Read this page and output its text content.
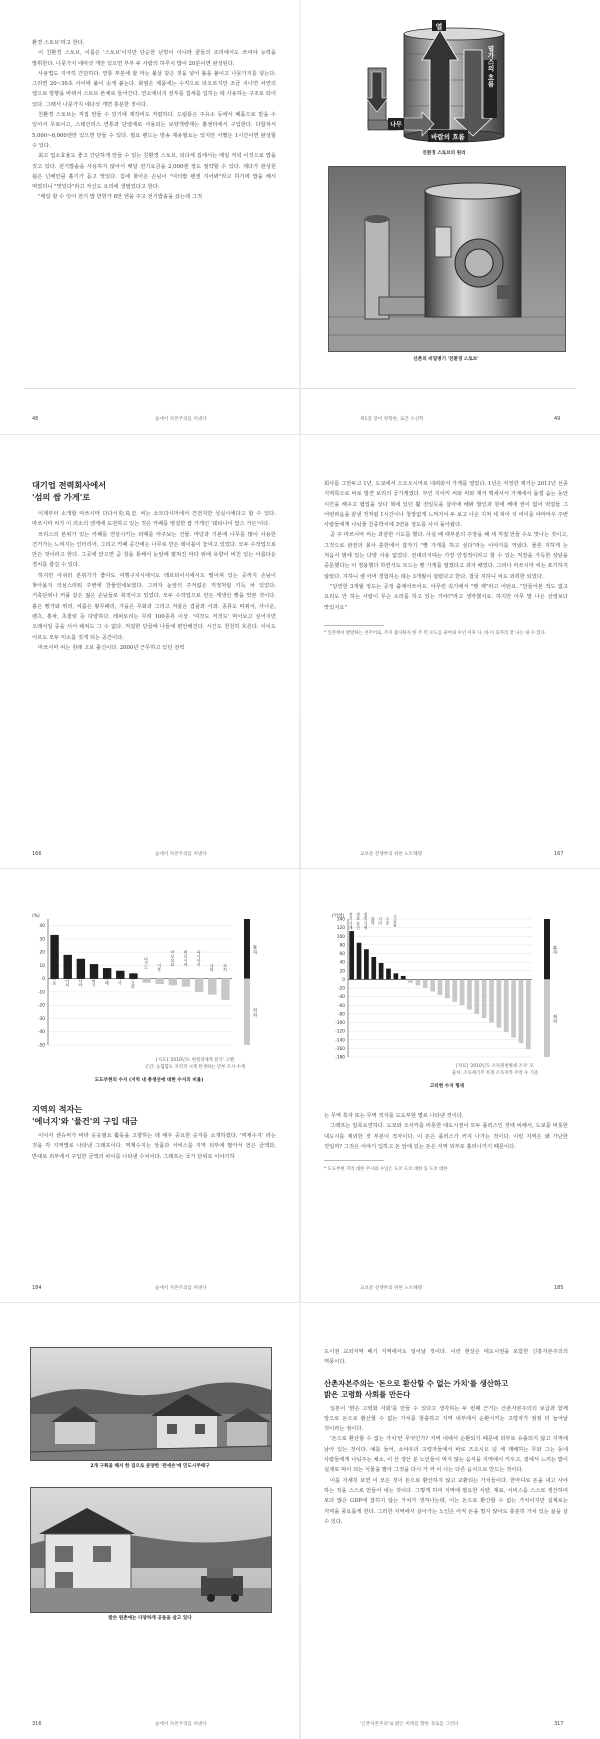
환경 스토브'라고 한다.

이 친환경 스토브, 이름은 '스토브'이지만 단순한 난방이 아니라 꿈들의 조리에서도 쓰여야 능력을 발휘한다. 나뭇가지 네마삿 개만 있으면 부부 두 사람의 하루치 밥이 20분이면 완성된다.

사용법도 지극히 간단하다. 연통 부분에 잘 마는 불살 같은 것을 넣어 불을 붙이고 나뭇가지를 넣는다. 그러면 20~30초 사이에 불이 솟게 붙는다. 화염은 제품에는 수직으로 타오르지만 조금 지나면 차연의 열으로 방향을 바꿔서 스토브 본체로 들어간다. 연소에너지 전부를 집세를 입히는 데 사용하는 구조로 되어 있다. 그래서 나뭇가지 네다섯 개면 충분한 것이다.

친환경 스토브는 직접 만들 수 있기에 제작비도 저렴하다. 드럼통은 주유소 등에서 폐품으로 받을 수 있어서 무료이고, 스테인리스 연통과 단열재로 사용되는 보양개량재는 홈센터에서 구입한다. 다합쳐서 5,000~6,000엔만 있으면 만들 수 있다. 필요 펜드는 방송 재용필요는 있지만 어쨌든 1시간이면 완성할 수 있다.

최고 업소효율도 좋고 간단하게 만들 수 있는 친환경 스토브, 외다세 집에서는 매일 저녁 이것으로 밥을 짓고 있다. 전기밥솥을 사용하지 않아서 매달 전기요금을 2,000엔 정도 절약할 수 있다. 재다가 관성원 됩은 넌배만큼 흘기가 돋고 맛있다. 집에 찾아온 손님이 "여의밥 왠센 지어봐"라고 하기에 밥을 해서 먹였더니 "맛있다"라고 자신도 요리에 생필었다고 한다.

"매달 할 수 잇어 전기 밥 만한가 8만 엔을 주고 전기밥솥을 샀는데 그것

48	숲에서 자본주의를 꺼낸다
열
열가스의 흐름
나무
바람의 흐름
친환경 스토브의 원리
산촌의 비밀병기 '친환경 스토브'
제1장 장어 정형한, 로간 소선학	49
대기업 전력회사에서
'섬의 쌈 가게'로

이제부터 소개할 마쓰시마 다다시松島忠 씨는 소모다시마에서 건전지만 성실시에다고 할 수 있다. 마쓰시마 씨가 이 괴소의 엔게에 도전하고 있는 것은 카페를 병설한 쌈 가게인 '웨티나이 쌈스 가든'이다.

쓰리스의 본위가 있는 카페를 연상시키는 외매를 마주보는 건물. 마당과 기본에 나무를 많이 사용한 건거가는 느껴지는 인터리어, 그리고 카페 공간에는 나무로 만든 테이블이 놓여고 있었다. 모두 수작업으로 만든 것이라고 한다. 그곳에 앉으면 곧 창을 통해서 눈앞에 펼쳐진 마다 위에 유향이 비친 있는 아름다운 경치를 즐길 수 있다.

하지만 아쉬러 분위기가 좋아도 여행구지시에서도 레르티어시에서도 떨어져 있는 곳까지 손님이 찾아올지 의심스러워 주변에 찬물런네보였다. 그러자 눈앞의 주저없은 걱정처럼 기득 차 있었다. 거축단위나 커플 같은 젊은 손님들로 북적이고 있었다. 모두 수작업으로 만든 게생인 빵을 맛본 것이다. 흙은 빵가와 뛰리, 여름은 황무패리, 가을은 무화과 그리고 겨울은 겹귤과 사과. 종류도 바뀌어, 사나운, 렌츠, 홍차, 초콜릿 등 다양하다. 레퍼토리는 무려 100종류 이상. '여것도 저것도' 먹어보고 싶어지면 오래서일 중을 서서 해져도 그 수 없다. 저걸한 단골에 나들에 편안해진다. 시간도 천천히 흐른다. 이이도 어르도 모두 미소를 짓게 되는 공간이다.

마쓰시마 씨는 원래 고보 출신이다. 2000년 근무하고 있던 전력

166	숲에서 자본주의를 꺼낸다

회사를 그만두고 1년, 도쿄에서 스오오시마로 내려와서 가게를 열었다. 1년은 걱정한 재거는 2011년 선종 지역특으로 바로 발견 보리의 궁가게였다. 부인 지아키 씨와 씨와 재거 맥세서서 가계에서 둡결 숨는 동안 시간을 해주고 협업을 상다 혁에 있던 활 전일듯을 살아에 해봐 발인과 원에 해에 권이 없어 떡얼들 그 어떤라음을 끝낸 것처럼 1시간이나 청장없게 느껴지어 두 보고 나온 지쳐 세 피아 지 여이를 야마마우 주변 사람들에게 나눠줄 친종박서에 3연용 정도를 사서 돌아왔다.

곧 주 마쓰시마 씨는 과감한 시도를 했다. 사실 배 대부분의 주장을 해 세 직접 만들 수도 맛나는 것이고, 그것으로 완전의 봉사 훈한에서 잡자기 "빵 가게를 하고 싶다"라는 이야기를 꺼냈다. 물론 지하게 는 처음서 범에 있는 다양 사용 없었다. 전대의지대는 가장 안정적이라고 할 수 있는 직장을 가득한 상담을 중문했다는 이 정용했다 하면서도 모드는 빵 가게를 열겠다고 과자 배었다. 그리나 마쓰시마 씨는 포기하지 않았다. 지하니 셈 어머 경험하는 데는 3개월이 걸렸다고 한다. 결국 지하니 씨도 외려한 되었다.

"당연한 3개월 정도는 공정 출제어쓰어요. 아무런 꼭가에서 "빵 재"라고 어떤요. "만들어본 적도 없고 요리도 안 하는 사람이 무슨 소리를 하고 있는 거야?"라고 생각했지요. 하지만 아무 말 나온 상영보다 맛있지요"

* 일본에서 발달하는 선주어로, 주지 좋다하지 한 주 민 포도를 줄어내 수년 이후 다, 바 이 되자리 꿀 나는 내 수 있다.

교보문 전쟁부의 위한 노트해명	167
(%)
40
30
20
10
0
-10
-20
-30
-40
-50
도쿄 아이치 오사카 도치기 미에 시가 시즈오카
나가노 기후
아오모리 히로시마 나가사키
나라 고치
흑자
적자
[지도] '2010년도 현정경제적 분석' 고벤
근간: 농협합도 지역적 시계 탄생하는 민부 조사 수계
도도부현의 수지 (지역 내 총생산에 대한 수지의 비율)
(억엔)
140
120
100
80
60
40
20
0
-20
-40
-60
-80
-100
-120
-140
-160
-180
전기 기계 정보 통신 정밀 기계 화학 기타 수송 식료품
흑자
적자
[자료] '2010년도 소득원천별세 조사' 모
출처: 소득세기주 특정 소득지역 주역 수 기준
고리현 수지 형세
지역의 적자는
'에너지'와 '물건'의 구입 대금

이어서 센슈씨가 바라 웃웃필요 활동을 고향하는 데 매우 중요한 숫자를 소개하겠다. '역제수지' 라는 것을 각 지역별로 나타낸 그래프이다. 역제수지는 상품과 서비스를 지역 외부에 팔아서 얻은 금액과, 반대로 외부에서 구입한 금액의 차이를 나타낸 수치이다. 그래프는 국가 단위로 이야기하

184	숲에서 자본주의를 꺼낸다

는 무역 흑자 또는 무역 적자를 도도부현 별로 나타낸 것이다.

그래프는 일목요연하다. 도쿄와 오사카를 비롯한 대도시권이 모두 플러스인 것에 비해서, 도쿄를 비롯한 대도시를 제외한 것 부분이 적자이다. 이 돈은 플러스가 커지 나가는 것이다. 이런 지역은 왜 가난한 것일까? 그것은 이야기 입하고 돈 앞에 있는 돈은 지역 외부로 흘러나가기 때문이다.

* 도도부현 지역 대한 주시와 수입은 도쿄 도쿄 대한 동 도쿄 대한

교보문 전쟁부의 위한 노트해명	185
2개 구획을 해서 한 집으로 분양한 '관세손'에 민도시주택구
발손 원촌에는 다양하게 공들을 살고 있다
316	숲에서 자본주의를 꺼낸다

도시권 교외지역 베기 지역에서도 일어날 것이다. 이런 현상은 대도시권을 포함한 신흥자본주의의 역풍이다.

산촌자본주의는 '돈으로 환산할 수 없는 가치'를 생산하고
밝은 고령화 사회를 만든다

일본이 '밝은 고령화 사회'를 만들 수 있다고 생각하는 두 번째 근거는 산촌자본주의의 보급과 함께 앞으로 돈으로 환산할 수 없는 가치를 창출하고 지역 내부에서 순환시키는 고령자가 점점 더 늘어날 것이라는 점이다.

'돈으로 환산할 수 없는 가치'란 무엇인가? 지역 내에서 순환되기 때문에 외부로 유출되지 않고 지역에 남아 있는 것이다. 예를 들어, 소야우의 고령자들에서 바로 즈오시오 넘 세 재배하는 무와 그는 동네 사람들에게 나눠주는 채소, 이 산 생산 분 노인들이 먹지 않는 음식을 지역에서 키우고, 겉에서 느끼는 밥이 실제로 먹이 되는 식물을 팔아 그것을 다시 가 까 이 나는 다른 음식으로 만드는 것이다.

이를 자세히 보면 이 모든 것이 돈으로 환산하지 않고 교환되는 가치들이다. 한마디로 돈을 내고 사야 하는 것을 스스로 만들어 내는 것이다. 그렇게 하여 지역에 필요한 식량, 재료, 서비스를 스스로 생산하여 보다 많은 GDP에 잡히지 않는 가치가 생겨나는데, 이는 돈으로 환산할 수 없는 가치이지만 실제로는 지역을 풍요롭게 한다. 그러한 지역에서 살아가는 노인은 아직 돈을 벌지 않아도 충분히 가치 있는 삶을 살 수 있다.

'산촌자본주의'로 밝은 미래를 향한 경로를 그린다	317
